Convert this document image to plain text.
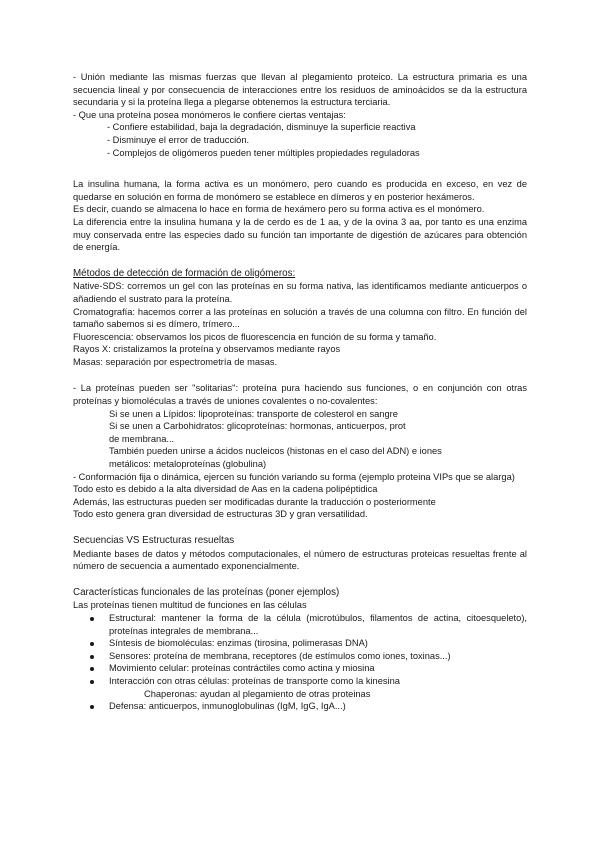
- Unión mediante las mismas fuerzas que llevan al plegamiento proteico. La estructura primaria es una secuencia lineal y por consecuencia de interacciones entre los residuos de aminoácidos se da la estructura secundaria y si la proteína llega a plegarse obtenemos la estructura terciaria.

- Que una proteína posea monómeros le confiere ciertas ventajas:

- Confiere estabilidad, baja la degradación, disminuye la superficie reactiva

- Disminuye el error de traducción.

- Complejos de oligómeros pueden tener múltiples propiedades reguladoras

La insulina humana, la forma activa es un monómero, pero cuando es producida en exceso, en vez de quedarse en solución en forma de monómero se establece en dímeros y en posterior hexámeros.

Es decir, cuando se almacena lo hace en forma de hexámero pero su forma activa es el monómero.

La diferencia entre la insulina humana y la de cerdo es de 1 aa, y de la ovina 3 aa, por tanto es una enzima muy conservada entre las especies dado su función tan importante de digestión de azúcares para obtención de energía.

Métodos de detección de formación de oligómeros:

Native-SDS: corremos un gel con las proteínas en su forma nativa, las identificamos mediante anticuerpos o añadiendo el sustrato para la proteína.

Cromatografía: hacemos correr a las proteínas en solución a través de una columna con filtro. En función del tamaño sabemos si es dímero, trímero...

Fluorescencia: observamos los picos de fluorescencia en función de su forma y tamaño.

Rayos X: cristalizamos la proteína y observamos mediante rayos

Masas: separación por espectrometría de masas.

- La proteínas pueden ser "solitarias": proteína pura haciendo sus funciones, o en conjunción con otras proteínas y biomoléculas a través de uniones covalentes o no-covalentes:

Si se unen a Lípidos: lipoproteínas: transporte de colesterol en sangre

Si se unen a Carbohidratos: glicoproteínas: hormonas, anticuerpos, prot de membrana...

También pueden unirse a ácidos nucleicos (histonas en el caso del ADN) e iones metálicos: metaloproteínas (globulina)

- Conformación fija o dinámica, ejercen su función variando su forma (ejemplo proteina VIPs que se alarga)

Todo esto es debido a la alta diversidad de Aas en la cadena polipéptidica

Además, las estructuras pueden ser modificadas durante la traducción o posteriormente

Todo esto genera gran diversidad de estructuras 3D y gran versatilidad.

Secuencias VS Estructuras resueltas

Mediante bases de datos y métodos computacionales, el número de estructuras proteicas resueltas frente al número de secuencia a aumentado exponencialmente.

Características funcionales de las proteínas (poner ejemplos)

Las proteínas tienen multitud de funciones en las células

Estructural: mantener la forma de la célula (microtúbulos, filamentos de actina, citoesqueleto), proteínas integrales de membrana...
Síntesis de biomoléculas: enzimas (tirosina, polimerasas DNA)
Sensores: proteína de membrana, receptores (de estímulos como iones, toxinas...)
Movimiento celular: proteínas contráctiles como actina y miosina
Interacción con otras células: proteínas de transporte como la kinesina

Chaperonas: ayudan al plegamiento de otras proteinas

Defensa: anticuerpos, inmunoglobulinas (IgM, IgG, IgA...)
